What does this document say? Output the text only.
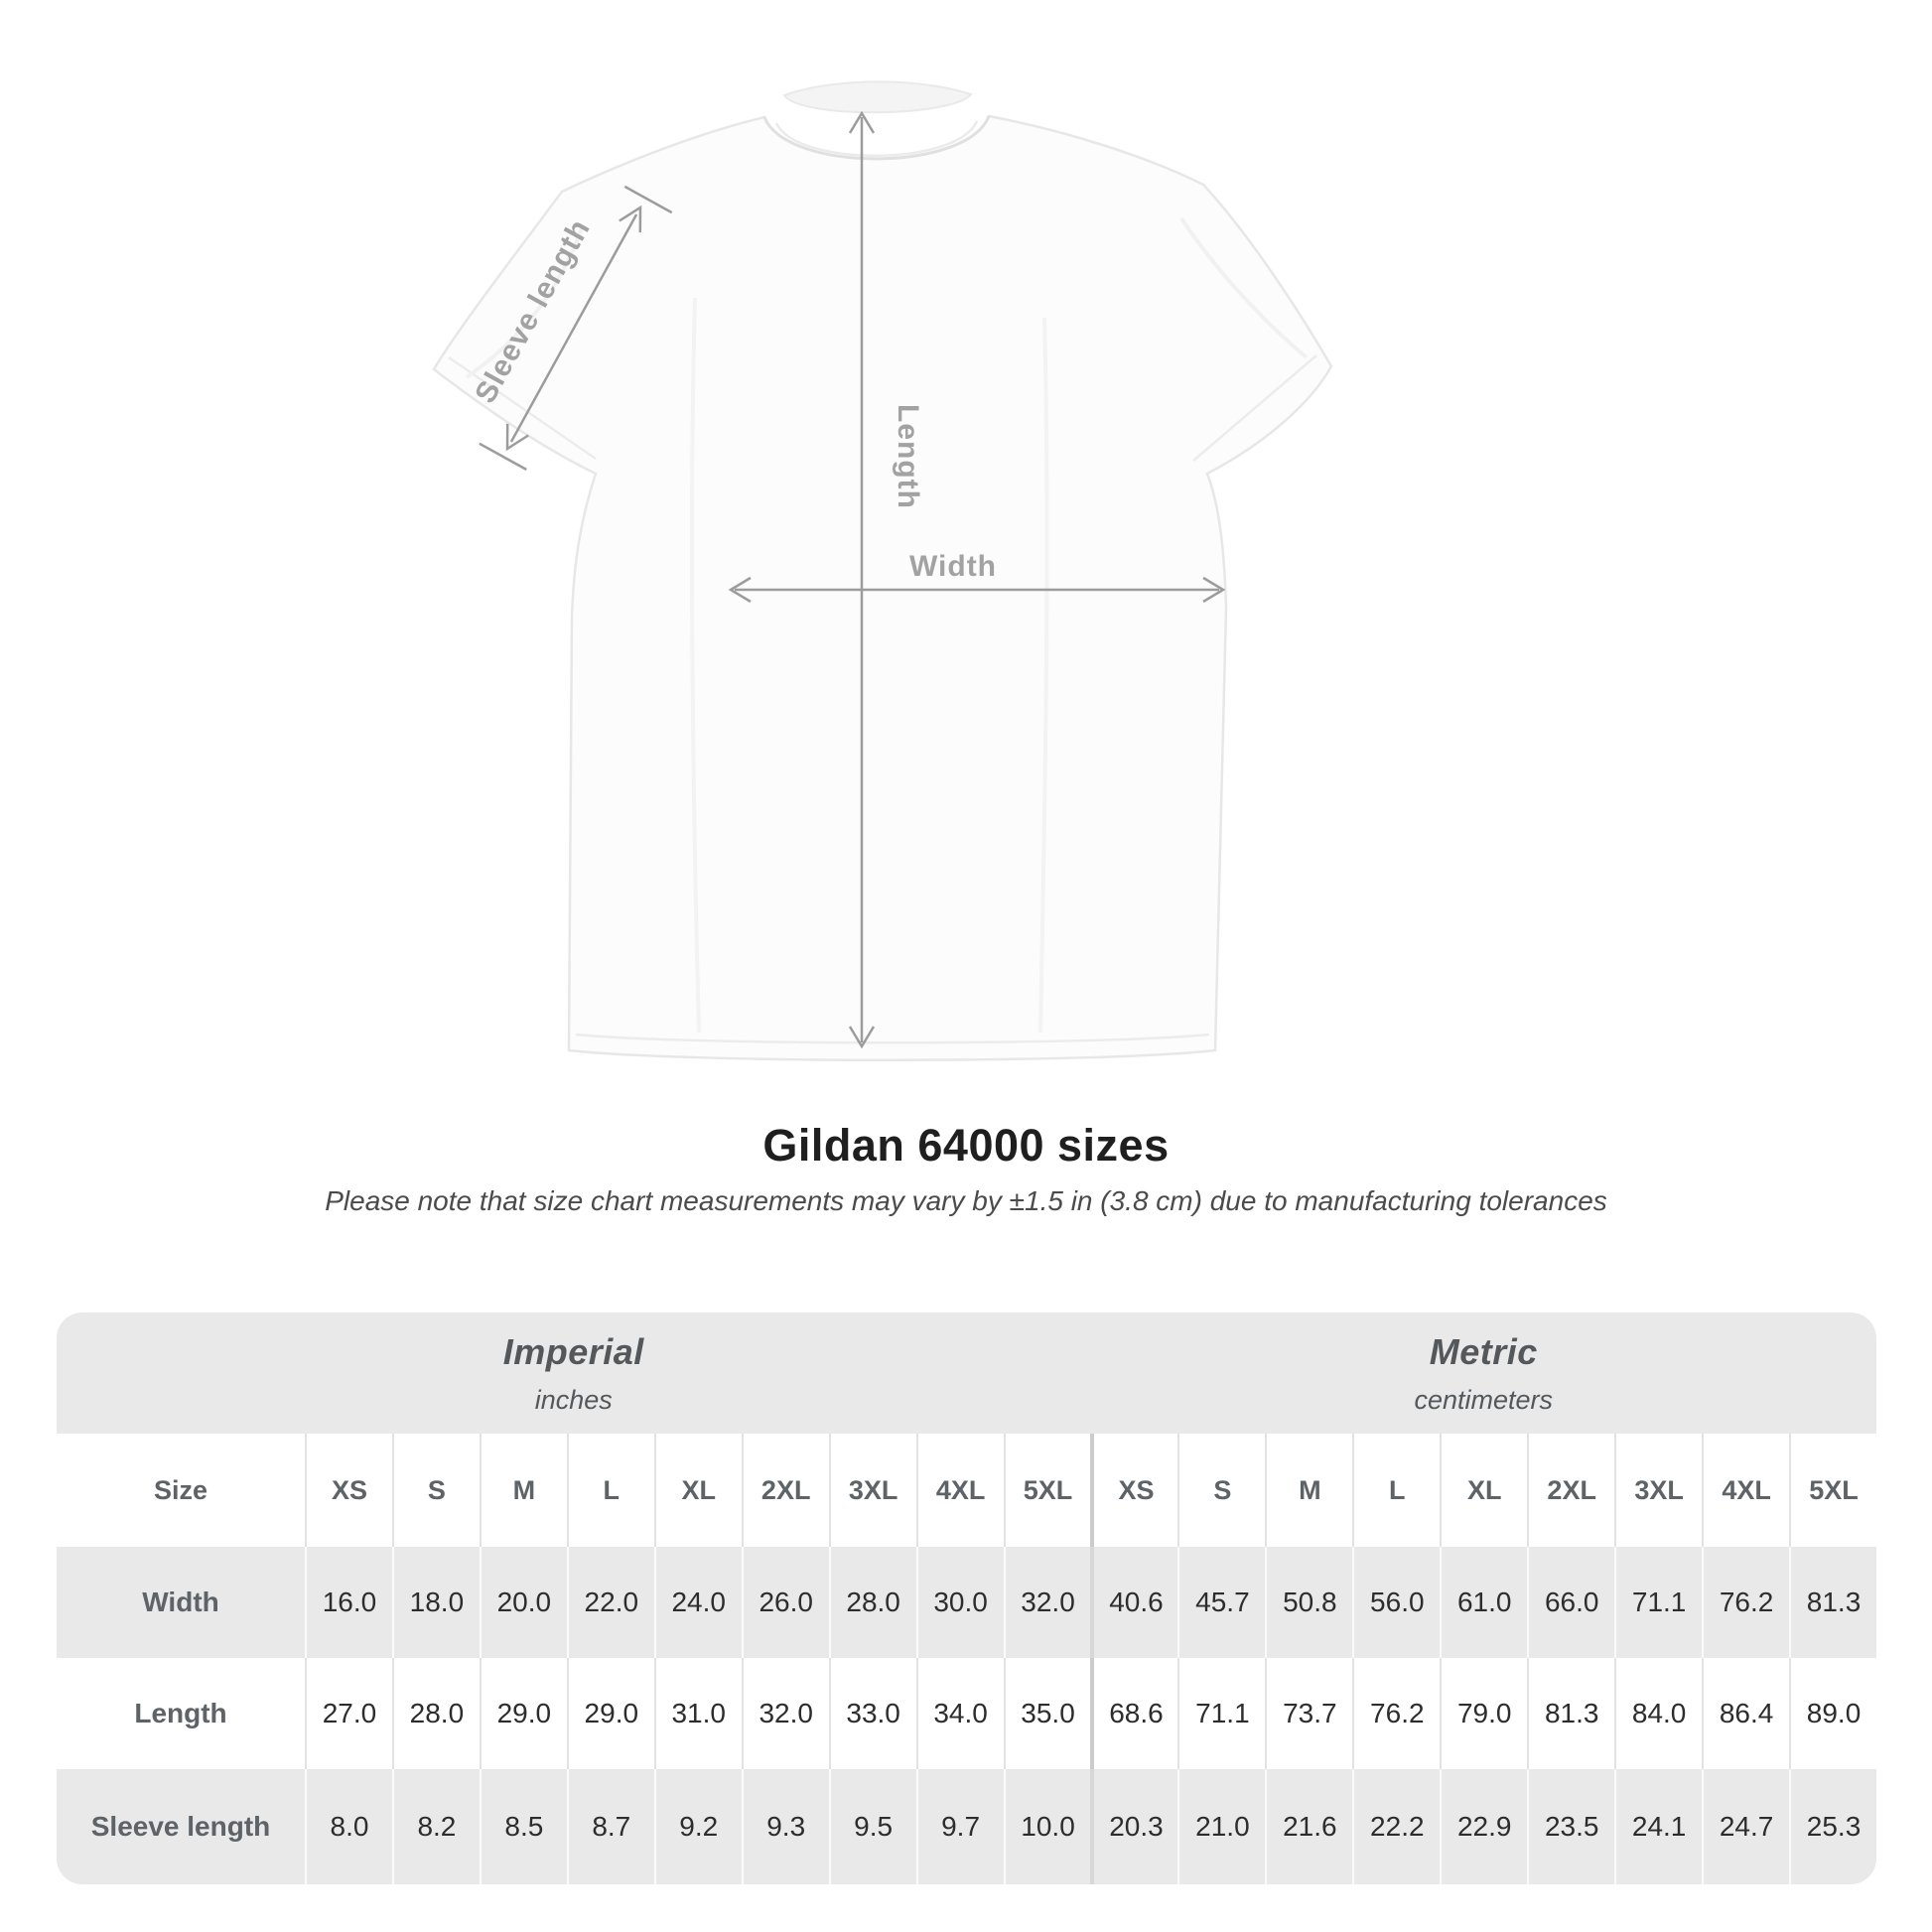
Sleeve length
Length
Width
Gildan 64000 sizes

Please note that size chart measurements may vary by ±1.5 in (3.8 cm) due to manufacturing tolerances

Imperial
inches
Metric
centimeters
Size	XS	S	M	L	XL	2XL	3XL	4XL	5XL	XS	S	M	L	XL	2XL	3XL	4XL	5XL
Width	16.0	18.0	20.0	22.0	24.0	26.0	28.0	30.0	32.0	40.6	45.7	50.8	56.0	61.0	66.0	71.1	76.2	81.3
Length	27.0	28.0	29.0	29.0	31.0	32.0	33.0	34.0	35.0	68.6	71.1	73.7	76.2	79.0	81.3	84.0	86.4	89.0
Sleeve length	8.0	8.2	8.5	8.7	9.2	9.3	9.5	9.7	10.0	20.3	21.0	21.6	22.2	22.9	23.5	24.1	24.7	25.3
